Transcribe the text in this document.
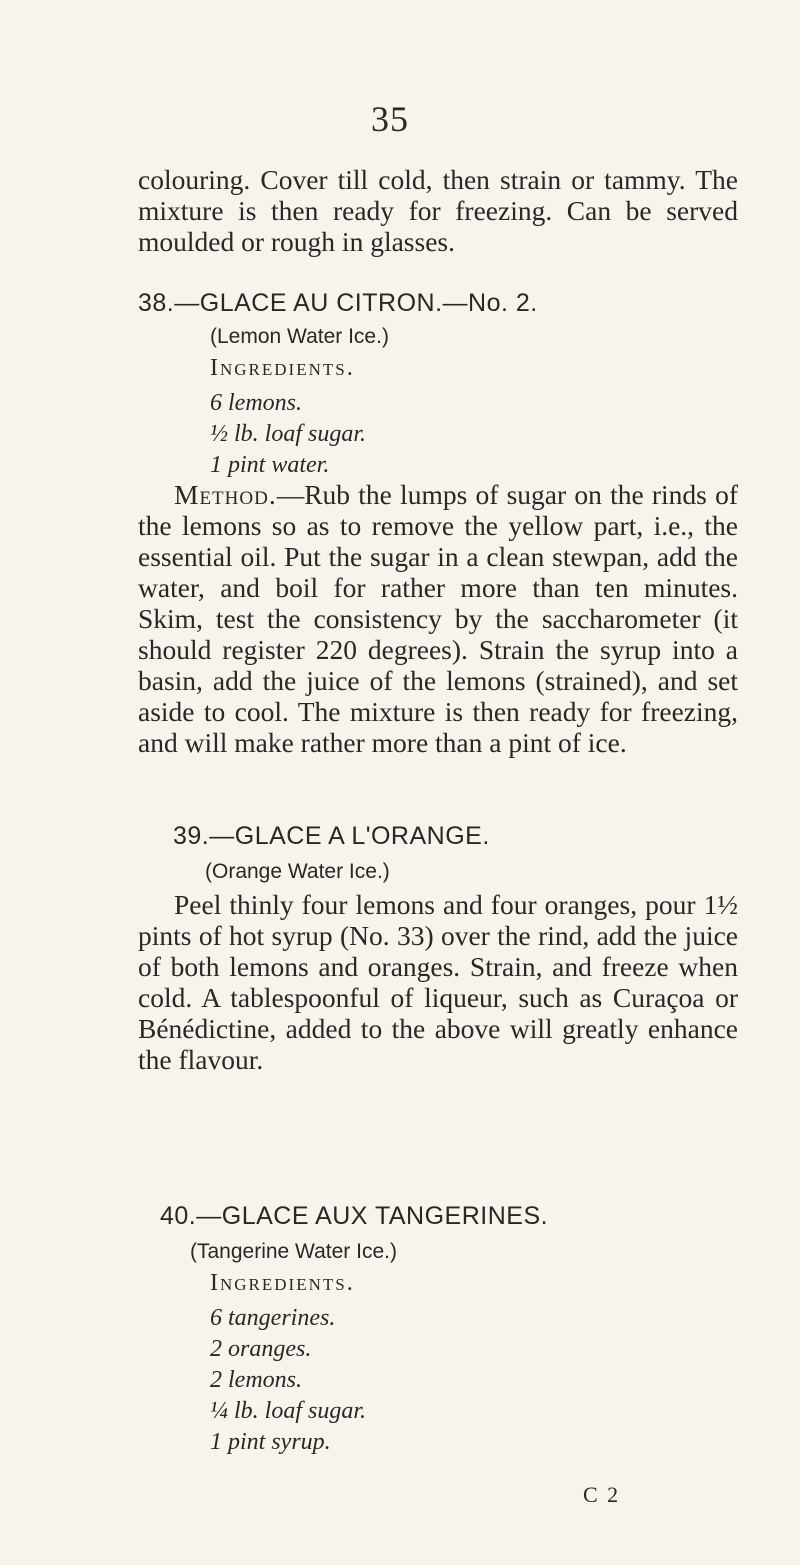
35

colouring. Cover till cold, then strain or tammy. The mixture is then ready for freezing. Can be served moulded or rough in glasses.

38.—GLACE AU CITRON.—No. 2.
(Lemon Water Ice.)
Ingredients.
6 lemons.
½ lb. loaf sugar.
1 pint water.

Method.—Rub the lumps of sugar on the rinds of the lemons so as to remove the yellow part, i.e., the essential oil. Put the sugar in a clean stewpan, add the water, and boil for rather more than ten minutes. Skim, test the consistency by the saccharometer (it should register 220 degrees). Strain the syrup into a basin, add the juice of the lemons (strained), and set aside to cool. The mixture is then ready for freezing, and will make rather more than a pint of ice.

39.—GLACE A L'ORANGE.
(Orange Water Ice.)

Peel thinly four lemons and four oranges, pour 1½ pints of hot syrup (No. 33) over the rind, add the juice of both lemons and oranges. Strain, and freeze when cold. A tablespoonful of liqueur, such as Curaçoa or Bénédictine, added to the above will greatly enhance the flavour.

40.—GLACE AUX TANGERINES.
(Tangerine Water Ice.)
Ingredients.
6 tangerines.
2 oranges.
2 lemons.
¼ lb. loaf sugar.
1 pint syrup.
C 2
